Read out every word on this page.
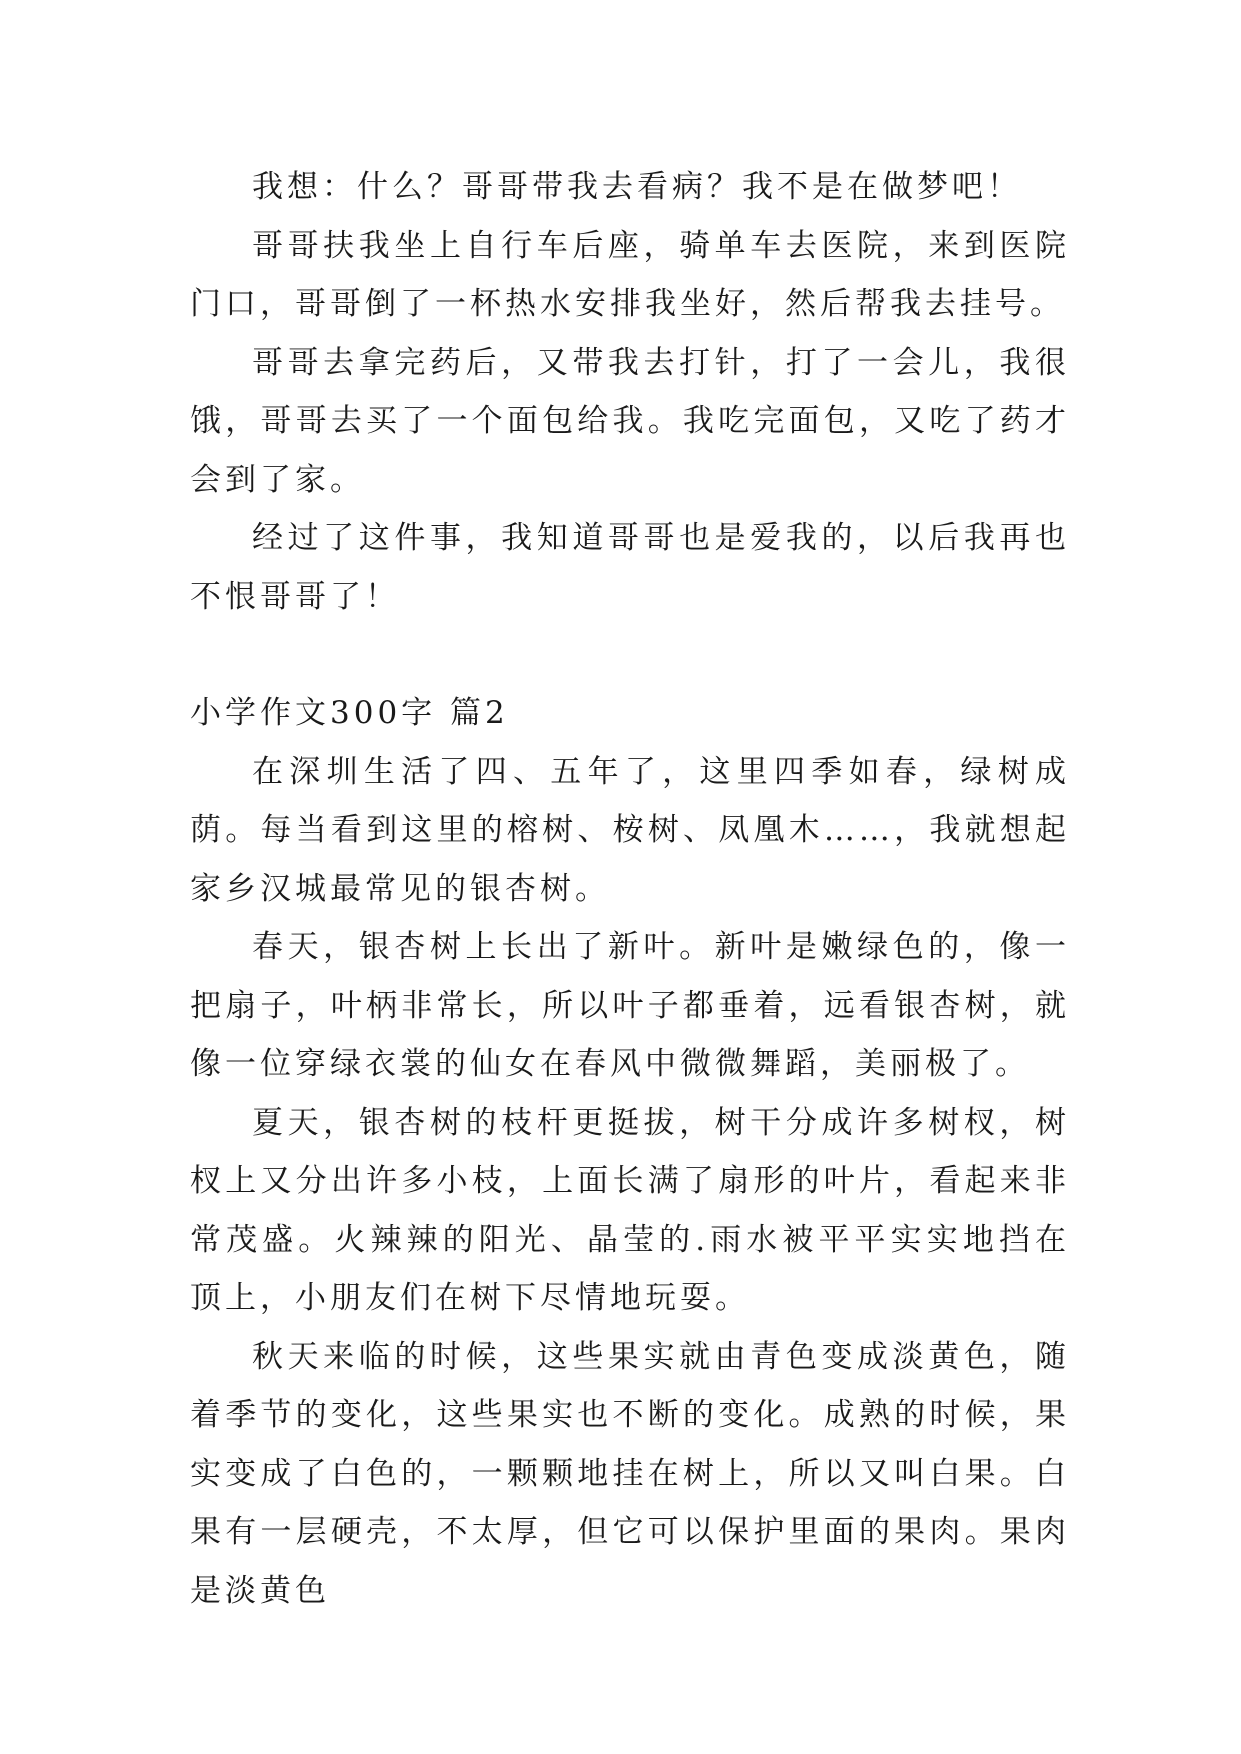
我想：什么？哥哥带我去看病？我不是在做梦吧！

哥哥扶我坐上自行车后座，骑单车去医院，来到医院门口，哥哥倒了一杯热水安排我坐好，然后帮我去挂号。

哥哥去拿完药后，又带我去打针，打了一会儿，我很饿，哥哥去买了一个面包给我。我吃完面包，又吃了药才会到了家。

经过了这件事，我知道哥哥也是爱我的，以后我再也不恨哥哥了！

小学作文300字 篇2

在深圳生活了四、五年了，这里四季如春，绿树成荫。每当看到这里的榕树、桉树、凤凰木……，我就想起家乡汉城最常见的银杏树。

春天，银杏树上长出了新叶。新叶是嫩绿色的，像一把扇子，叶柄非常长，所以叶子都垂着，远看银杏树，就像一位穿绿衣裳的仙女在春风中微微舞蹈，美丽极了。

夏天，银杏树的枝杆更挺拔，树干分成许多树杈，树杈上又分出许多小枝，上面长满了扇形的叶片，看起来非常茂盛。火辣辣的阳光、晶莹的.雨水被平平实实地挡在顶上，小朋友们在树下尽情地玩耍。

秋天来临的时候，这些果实就由青色变成淡黄色，随着季节的变化，这些果实也不断的变化。成熟的时候，果实变成了白色的，一颗颗地挂在树上，所以又叫白果。白果有一层硬壳，不太厚，但它可以保护里面的果肉。果肉是淡黄色
